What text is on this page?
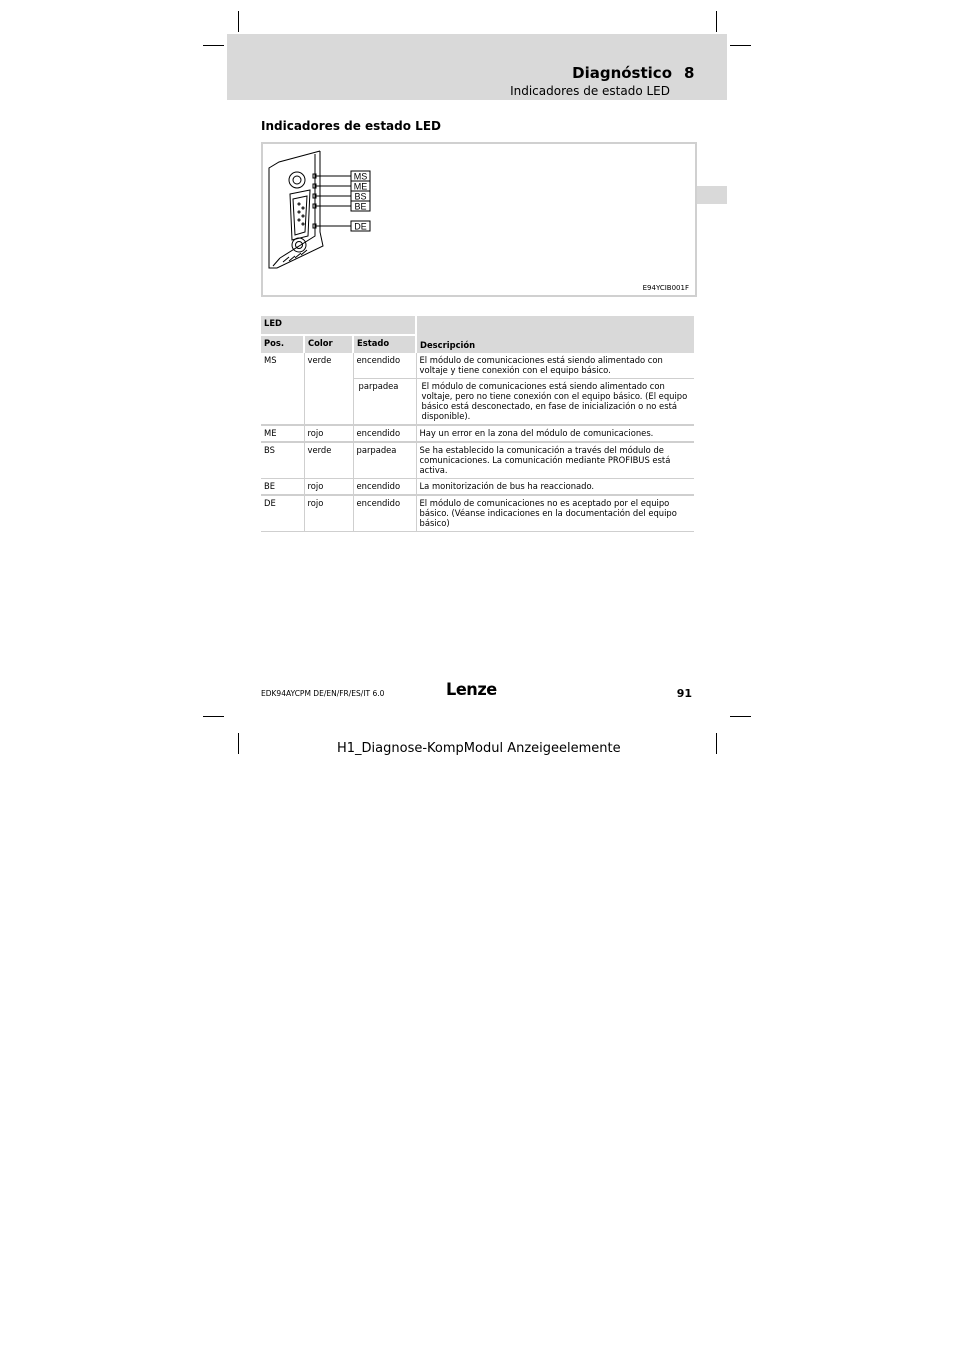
Diagnóstico 8
Indicadores de estado LED
Indicadores de estado LED
MS
ME
BS
BE
DE
E94YCIB001F
LED			Descripción
Pos.	Color	Estado	
MS	verde	encendido	El módulo de comunicaciones está siendo alimentado con voltaje y tiene conexión con el equipo básico.
		parpadea	El módulo de comunicaciones está siendo alimentado con voltaje, pero no tiene conexión con el equipo básico. (El equipo básico está desconectado, en fase de inicialización o no está disponible).
ME	rojo	encendido	Hay un error en la zona del módulo de comunicaciones.
BS	verde	parpadea	Se ha establecido la comunicación a través del módulo de comunicaciones. La comunicación mediante PROFIBUS está activa.
BE	rojo	encendido	La monitorización de bus ha reaccionado.
DE	rojo	encendido	El módulo de comunicaciones no es aceptado por el equipo básico. (Véanse indicaciones en la documentación del equipo básico)
EDK94AYCPM DE/EN/FR/ES/IT 6.0	Lenze	91
H1_Diagnose-KompModul Anzeigeelemente
